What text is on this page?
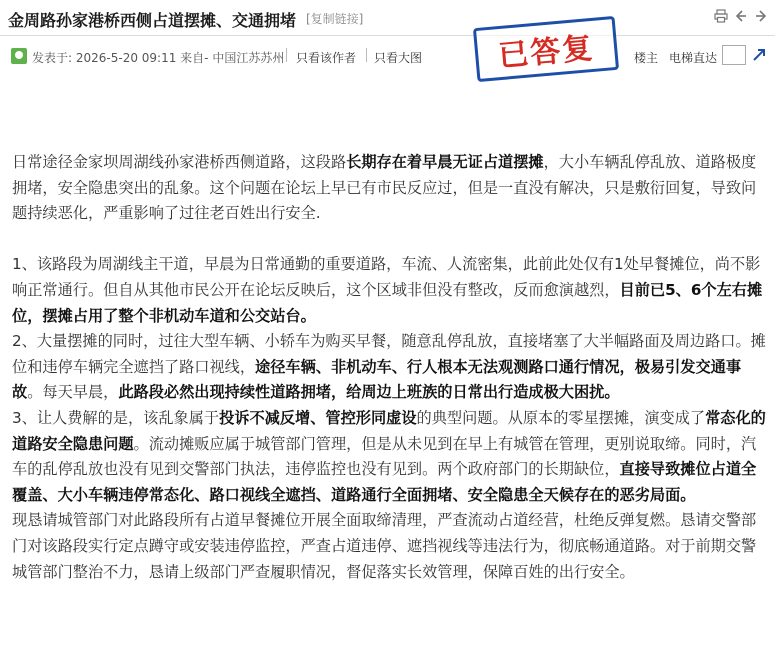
金周路孙家港桥西侧占道摆摊、交通拥堵 [复制链接]
发表于: 2026-5-20 09:11 来自- 中国江苏苏州 只看该作者 只看大图	楼主 电梯直达
已答复

日常途径金家坝周湖线孙家港桥西侧道路，这段路长期存在着早晨无证占道摆摊，大小车辆乱停乱放、道路极度拥堵，安全隐患突出的乱象。这个问题在论坛上早已有市民反应过，但是一直没有解决，只是敷衍回复，导致问题持续恶化，严重影响了过往老百姓出行安全.

1、该路段为周湖线主干道，早晨为日常通勤的重要道路，车流、人流密集，此前此处仅有1处早餐摊位，尚不影响正常通行。但自从其他市民公开在论坛反映后，这个区域非但没有整改，反而愈演越烈，目前已5、6个左右摊位，摆摊占用了整个非机动车道和公交站台。

2、大量摆摊的同时，过往大型车辆、小轿车为购买早餐，随意乱停乱放，直接堵塞了大半幅路面及周边路口。摊位和违停车辆完全遮挡了路口视线，途径车辆、非机动车、行人根本无法观测路口通行情况，极易引发交通事故。每天早晨，此路段必然出现持续性道路拥堵，给周边上班族的日常出行造成极大困扰。

3、让人费解的是，该乱象属于投诉不减反增、管控形同虚设的典型问题。从原本的零星摆摊，演变成了常态化的道路安全隐患问题。流动摊贩应属于城管部门管理，但是从未见到在早上有城管在管理，更别说取缔。同时，汽车的乱停乱放也没有见到交警部门执法，违停监控也没有见到。两个政府部门的长期缺位，直接导致摊位占道全覆盖、大小车辆违停常态化、路口视线全遮挡、道路通行全面拥堵、安全隐患全天候存在的恶劣局面。

现恳请城管部门对此路段所有占道早餐摊位开展全面取缔清理，严查流动占道经营，杜绝反弹复燃。恳请交警部门对该路段实行定点蹲守或安装违停监控，严查占道违停、遮挡视线等违法行为，彻底畅通道路。对于前期交警城管部门整治不力，恳请上级部门严查履职情况，督促落实长效管理，保障百姓的出行安全。
